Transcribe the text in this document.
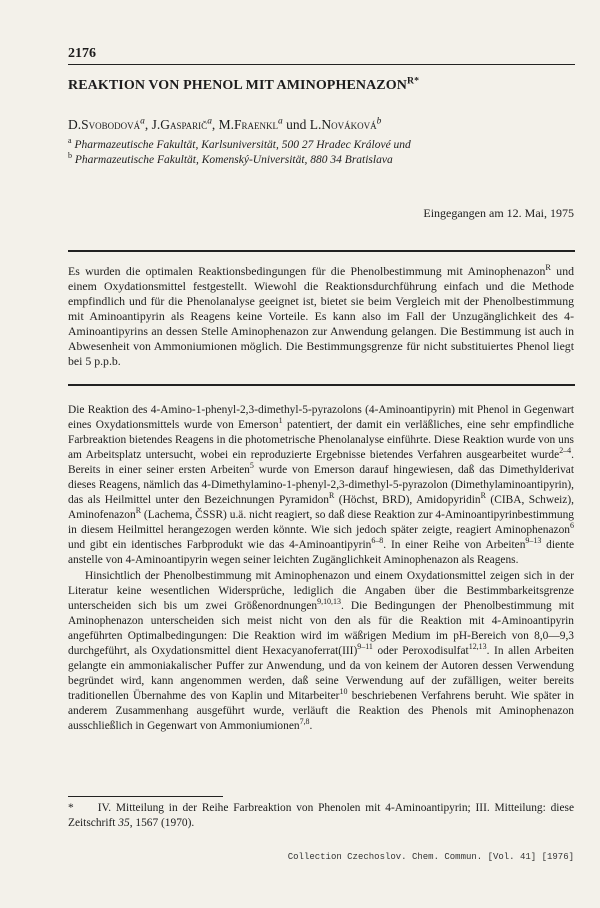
2176
REAKTION VON PHENOL MIT $AMINOPHENAZON^{R*}$
D.Svobodová$^a$, J.Gasparič$^a$, M.Fraenkl$^a$ und L.Nováková$^b$
$^a$ Pharmazeutische Fakultät, Karlsuniversität, 500 27 Hradec Králové und
$^b$ Pharmazeutische Fakultät, Komenský-Universität, 880 34 Bratislava
Eingegangen am 12. Mai, 1975
Es wurden die optimalen Reaktionsbedingungen für die Phenolbestimmung mit Aminophenazon$^R$ und einem Oxydationsmittel festgestellt. Wiewohl die Reaktionsdurchführung einfach und die Methode empfindlich und für die Phenolanalyse geeignet ist, bietet sie beim Vergleich mit der Phenolbestimmung mit Aminoantipyrin als Reagens keine Vorteile. Es kann also im Fall der Unzugänglichkeit des 4-Aminoantipyrins an dessen Stelle Aminophenazon zur Anwendung gelangen. Die Bestimmung ist auch in Abwesenheit von Ammoniumionen möglich. Die Bestimmungsgrenze für nicht substituiertes Phenol liegt bei 5 p.p.b.

Die Reaktion des 4-Amino-1-phenyl-2,3-dimethyl-5-pyrazolons (4-Aminoantipyrin) mit Phenol in Gegenwart eines Oxydationsmittels wurde von Emerson$^1$ patentiert, der damit ein verläßliches, eine sehr empfindliche Farbreaktion bietendes Reagens in die photometrische Phenolanalyse einführte. Diese Reaktion wurde von uns am Arbeitsplatz untersucht, wobei ein reproduzierte Ergebnisse bietendes Verfahren ausgearbeitet wurde$^{2-4}$. Bereits in einer seiner ersten Arbeiten$^5$ wurde von Emerson darauf hingewiesen, daß das Dimethylderivat dieses Reagens, nämlich das 4-Dimethylamino-1-phenyl-2,3-dimethyl-5-pyrazolon (Dimethylaminoantipyrin), das als Heilmittel unter den Bezeichnungen Pyramidon$^R$ (Höchst, BRD), Amidopyridin$^R$ (CIBA, Schweiz), Aminofenazon$^R$ (Lachema, ČSSR) u.ä. nicht reagiert, so daß diese Reaktion zur 4-Aminoantipyrinbestimmung in diesem Heilmittel herangezogen werden könnte. Wie sich jedoch später zeigte, reagiert Aminophenazon$^6$ und gibt ein identisches Farbprodukt wie das 4-Aminoantipyrin$^{6-8}$. In einer Reihe von Arbeiten$^{9-13}$ diente anstelle von 4-Aminoantipyrin wegen seiner leichten Zugänglichkeit Aminophenazon als Reagens.

Hinsichtlich der Phenolbestimmung mit Aminophenazon und einem Oxydationsmittel zeigen sich in der Literatur keine wesentlichen Widersprüche, lediglich die Angaben über die Bestimmbarkeitsgrenze unterscheiden sich bis um zwei Größenordnungen$^{9,10,13}$. Die Bedingungen der Phenolbestimmung mit Aminophenazon unterscheiden sich meist nicht von den als für die Reaktion mit 4-Aminoantipyrin angeführten Optimalbedingungen: Die Reaktion wird im wäßrigen Medium im pH-Bereich von 8,0—9,3 durchgeführt, als Oxydationsmittel dient Hexacyanoferrat(III)$^{9-11}$ oder Peroxodisulfat$^{12,13}$. In allen Arbeiten gelangte ein ammoniakalischer Puffer zur Anwendung, und da von keinem der Autoren dessen Verwendung begründet wird, kann angenommen werden, daß seine Verwendung auf der zufälligen, weiter bereits traditionellen Übernahme des von Kaplin und Mitarbeiter$^{10}$ beschriebenen Verfahrens beruht. Wie später in anderem Zusammenhang ausgeführt wurde, verläuft die Reaktion des Phenols mit Aminophenazon ausschließlich in Gegenwart von Ammoniumionen$^{7,8}$.

*     IV. Mitteilung in der Reihe Farbreaktion von Phenolen mit 4-Aminoantipyrin; III. Mitteilung: diese Zeitschrift 35, 1567 (1970).
Collection Czechoslov. Chem. Commun. [Vol. 41] [1976]
